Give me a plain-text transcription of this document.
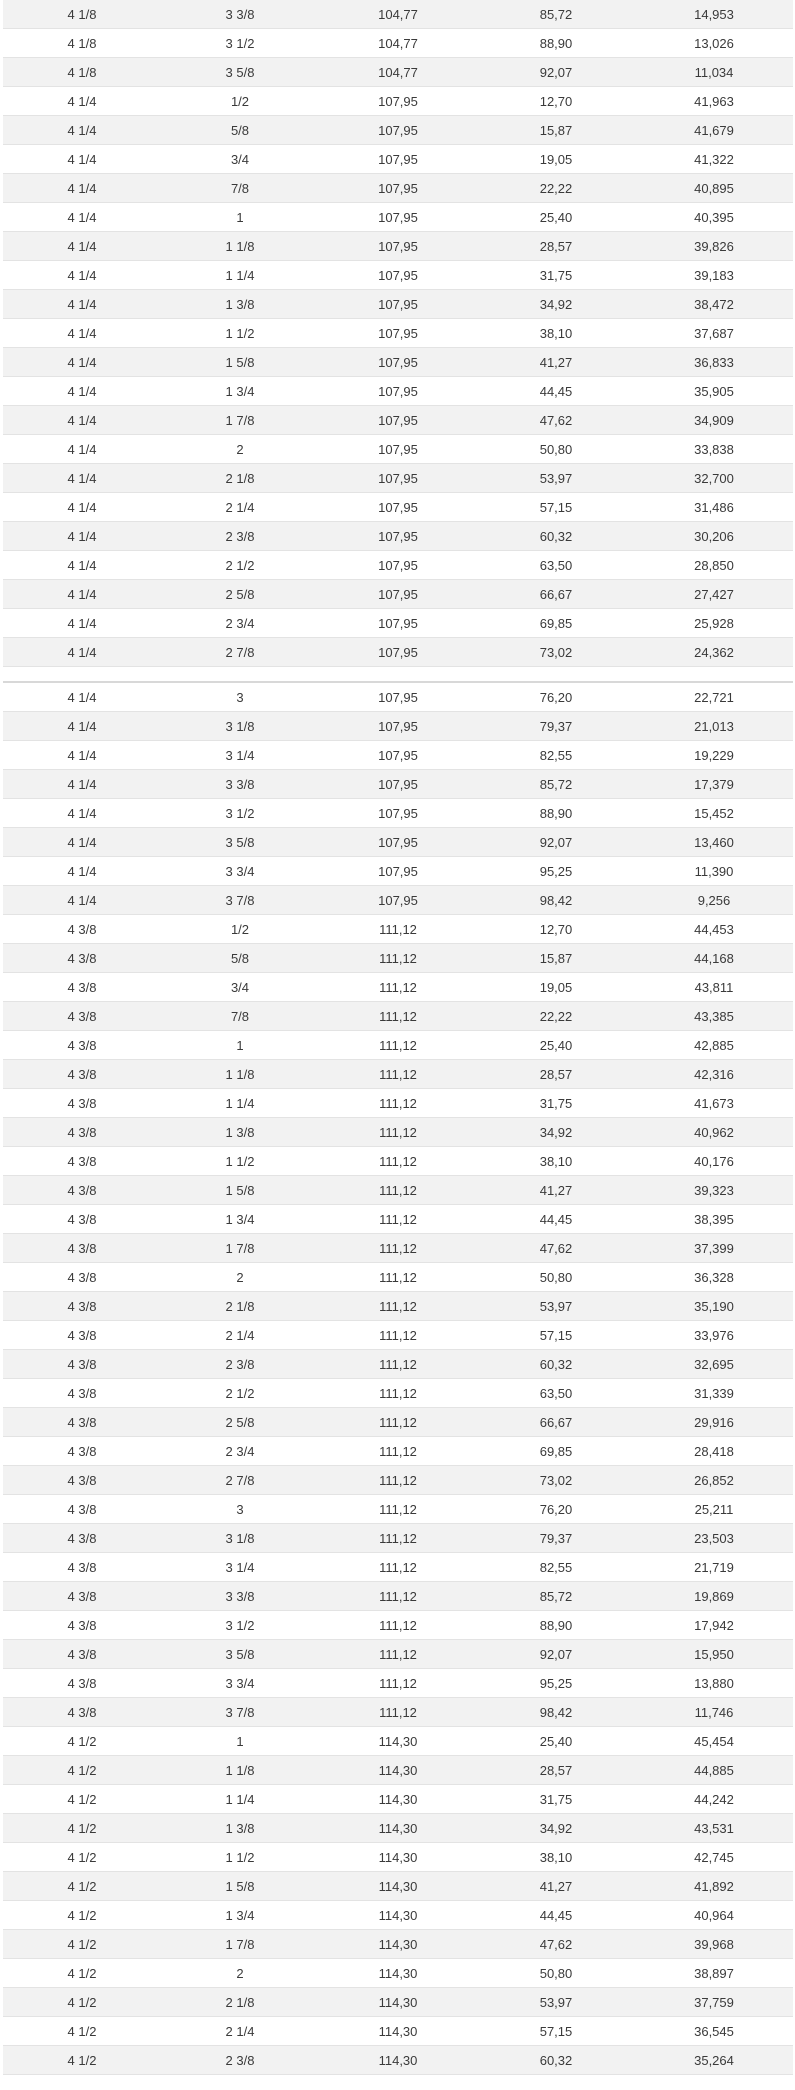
4 1/8	3 3/8	104,77	85,72	14,953
4 1/8	3 1/2	104,77	88,90	13,026
4 1/8	3 5/8	104,77	92,07	11,034
4 1/4	1/2	107,95	12,70	41,963
4 1/4	5/8	107,95	15,87	41,679
4 1/4	3/4	107,95	19,05	41,322
4 1/4	7/8	107,95	22,22	40,895
4 1/4	1	107,95	25,40	40,395
4 1/4	1 1/8	107,95	28,57	39,826
4 1/4	1 1/4	107,95	31,75	39,183
4 1/4	1 3/8	107,95	34,92	38,472
4 1/4	1 1/2	107,95	38,10	37,687
4 1/4	1 5/8	107,95	41,27	36,833
4 1/4	1 3/4	107,95	44,45	35,905
4 1/4	1 7/8	107,95	47,62	34,909
4 1/4	2	107,95	50,80	33,838
4 1/4	2 1/8	107,95	53,97	32,700
4 1/4	2 1/4	107,95	57,15	31,486
4 1/4	2 3/8	107,95	60,32	30,206
4 1/4	2 1/2	107,95	63,50	28,850
4 1/4	2 5/8	107,95	66,67	27,427
4 1/4	2 3/4	107,95	69,85	25,928
4 1/4	2 7/8	107,95	73,02	24,362
4 1/4	3	107,95	76,20	22,721
4 1/4	3 1/8	107,95	79,37	21,013
4 1/4	3 1/4	107,95	82,55	19,229
4 1/4	3 3/8	107,95	85,72	17,379
4 1/4	3 1/2	107,95	88,90	15,452
4 1/4	3 5/8	107,95	92,07	13,460
4 1/4	3 3/4	107,95	95,25	11,390
4 1/4	3 7/8	107,95	98,42	9,256
4 3/8	1/2	111,12	12,70	44,453
4 3/8	5/8	111,12	15,87	44,168
4 3/8	3/4	111,12	19,05	43,811
4 3/8	7/8	111,12	22,22	43,385
4 3/8	1	111,12	25,40	42,885
4 3/8	1 1/8	111,12	28,57	42,316
4 3/8	1 1/4	111,12	31,75	41,673
4 3/8	1 3/8	111,12	34,92	40,962
4 3/8	1 1/2	111,12	38,10	40,176
4 3/8	1 5/8	111,12	41,27	39,323
4 3/8	1 3/4	111,12	44,45	38,395
4 3/8	1 7/8	111,12	47,62	37,399
4 3/8	2	111,12	50,80	36,328
4 3/8	2 1/8	111,12	53,97	35,190
4 3/8	2 1/4	111,12	57,15	33,976
4 3/8	2 3/8	111,12	60,32	32,695
4 3/8	2 1/2	111,12	63,50	31,339
4 3/8	2 5/8	111,12	66,67	29,916
4 3/8	2 3/4	111,12	69,85	28,418
4 3/8	2 7/8	111,12	73,02	26,852
4 3/8	3	111,12	76,20	25,211
4 3/8	3 1/8	111,12	79,37	23,503
4 3/8	3 1/4	111,12	82,55	21,719
4 3/8	3 3/8	111,12	85,72	19,869
4 3/8	3 1/2	111,12	88,90	17,942
4 3/8	3 5/8	111,12	92,07	15,950
4 3/8	3 3/4	111,12	95,25	13,880
4 3/8	3 7/8	111,12	98,42	11,746
4 1/2	1	114,30	25,40	45,454
4 1/2	1 1/8	114,30	28,57	44,885
4 1/2	1 1/4	114,30	31,75	44,242
4 1/2	1 3/8	114,30	34,92	43,531
4 1/2	1 1/2	114,30	38,10	42,745
4 1/2	1 5/8	114,30	41,27	41,892
4 1/2	1 3/4	114,30	44,45	40,964
4 1/2	1 7/8	114,30	47,62	39,968
4 1/2	2	114,30	50,80	38,897
4 1/2	2 1/8	114,30	53,97	37,759
4 1/2	2 1/4	114,30	57,15	36,545
4 1/2	2 3/8	114,30	60,32	35,264
